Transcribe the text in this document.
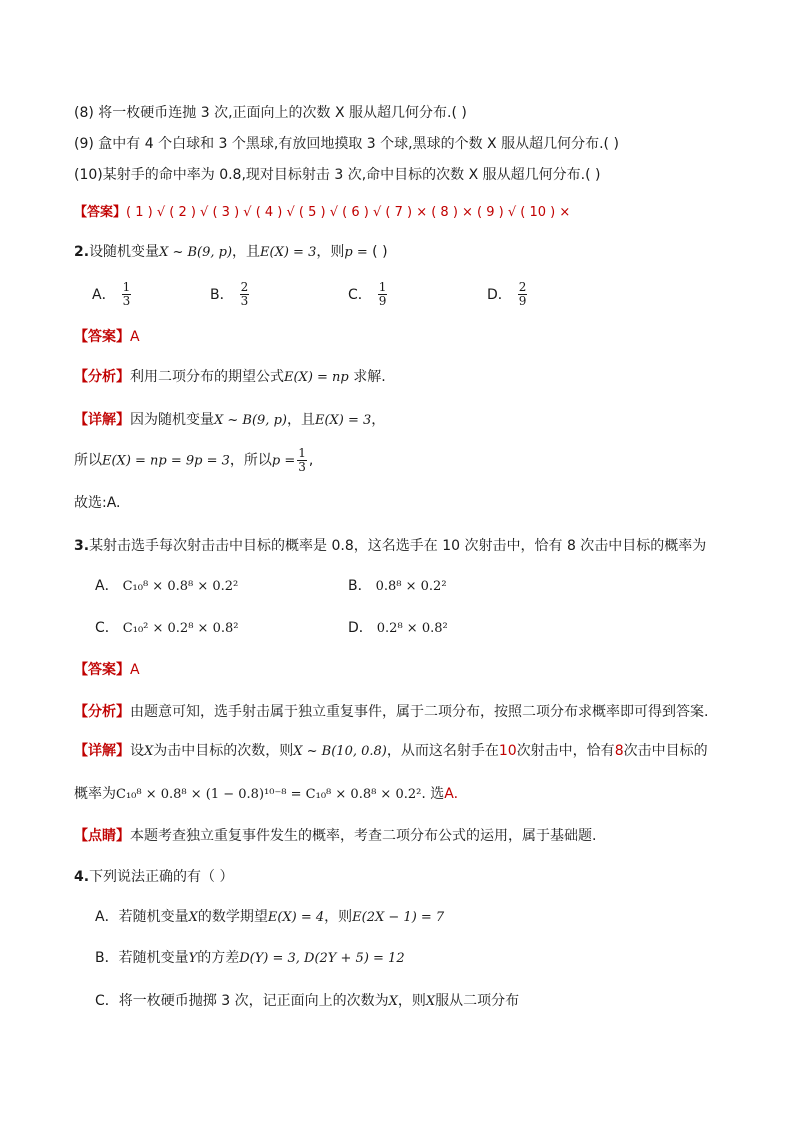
(8) 将一枚硬币连抛 3 次,正面向上的次数 X 服从超几何分布.( )
(9) 盒中有 4 个白球和 3 个黑球,有放回地摸取 3 个球,黑球的个数 X 服从超几何分布.( )
(10)某射手的命中率为 0.8,现对目标射击 3 次,命中目标的次数 X 服从超几何分布.( )
【答案】( 1 ) √ ( 2 ) √ ( 3 ) √ ( 4 ) √ ( 5 ) √ ( 6 ) √ ( 7 ) × ( 8 ) × ( 9 ) √ ( 10 ) ×
2.设随机变量X ~ B(9, p)，且E(X) = 3，则p = ( )
A． $\frac{1}{3}$	B． $\frac{2}{3}$	C． $\frac{1}{9}$	D． $\frac{2}{9}$
【答案】A
【分析】利用二项分布的期望公式E(X) = np 求解.
【详解】因为随机变量X ~ B(9, p)，且E(X) = 3，
所以E(X) = np = 9p = 3，所以$p = \frac{1}{3}$ ,
故选:A.
3.某射击选手每次射击击中目标的概率是 0.8，这名选手在 10 次射击中，恰有 8 次击中目标的概率为
A． C₁₀⁸ × 0.8⁸ × 0.2²	B． 0.8⁸ × 0.2²
C． C₁₀² × 0.2⁸ × 0.8²	D． 0.2⁸ × 0.8²
【答案】A
【分析】由题意可知，选手射击属于独立重复事件，属于二项分布，按照二项分布求概率即可得到答案.
【详解】设X为击中目标的次数，则X ~ B(10, 0.8)，从而这名射手在10次射击中，恰有8次击中目标的
概率为C₁₀⁸ × 0.8⁸ × (1 − 0.8)¹⁰⁻⁸ = C₁₀⁸ × 0.8⁸ × 0.2². 选A.
【点睛】本题考查独立重复事件发生的概率，考查二项分布公式的运用，属于基础题.
4.下列说法正确的有（ ）
A．若随机变量X的数学期望E(X) = 4，则E(2X − 1) = 7
B．若随机变量Y的方差D(Y) = 3, D(2Y + 5) = 12
C．将一枚硬币抛掷 3 次，记正面向上的次数为X，则X服从二项分布
